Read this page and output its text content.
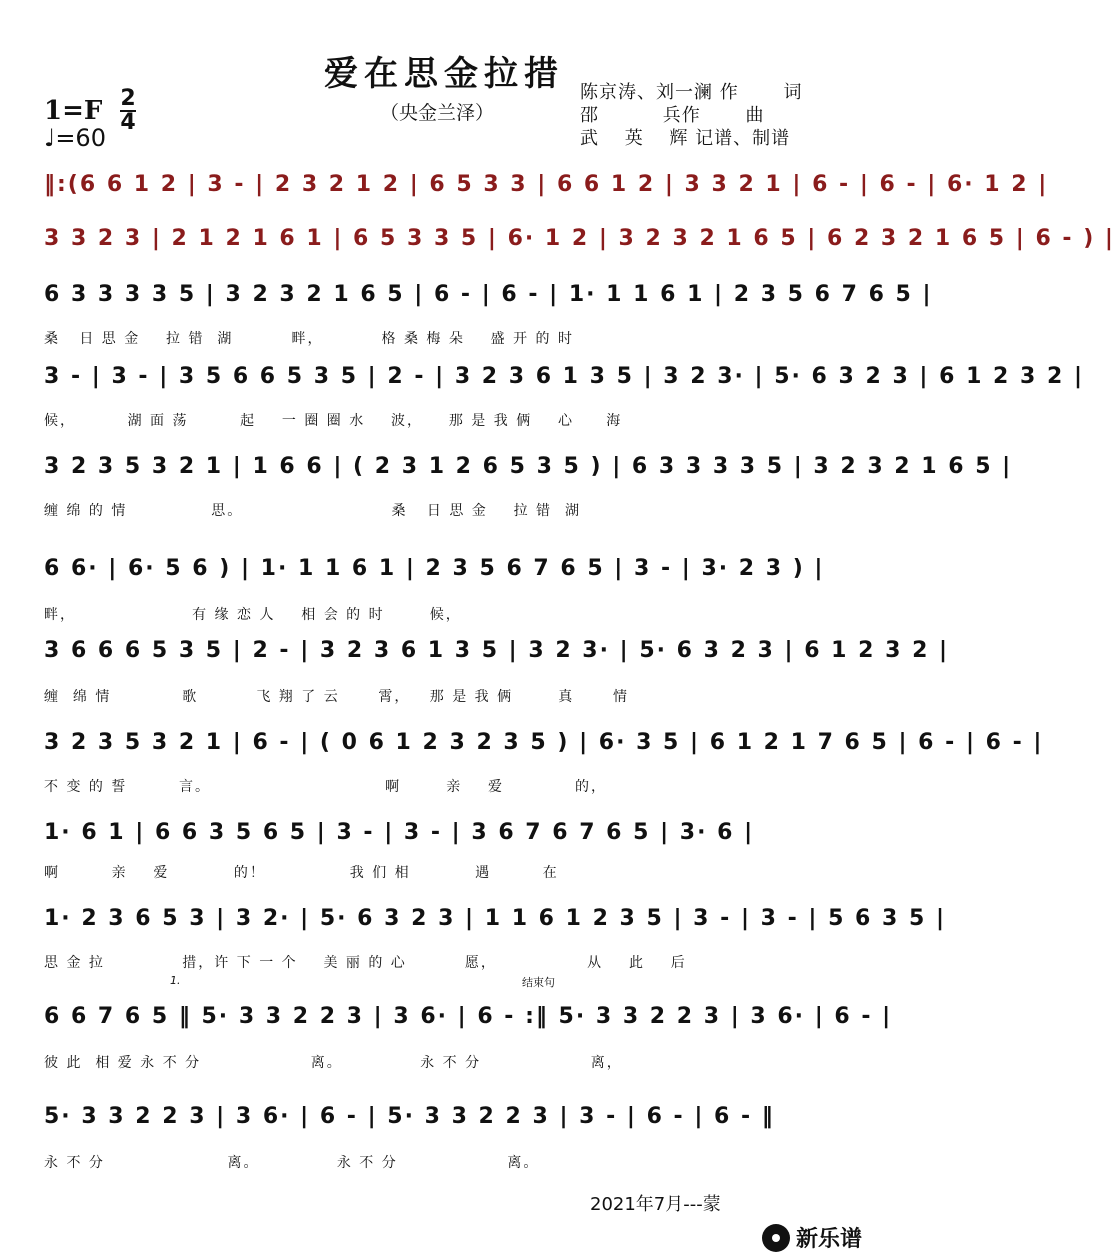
爱在思金拉措
（央金兰泽）
陈京涛、刘一澜 作　　 词
邵　　　 兵作　　 曲
武　 英　 辉 记谱、制谱
1=F 2
4
♩=60
‖:(6 6 1 2 | 3 - | 2 3 2 1 2 | 6 5 3 3 | 6 6 1 2 | 3 3 2 1 | 6 - | 6 - | 6· 1 2 |
3 3 2 3 | 2 1 2 1 6 1 | 6 5 3 3 5 | 6· 1 2 | 3 2 3 2 1 6 5 | 6 2 3 2 1 6 5 | 6 - ) |
6 3 3 3 3 5 | 3 2 3 2 1 6 5 | 6 - | 6 - | 1· 1 1 6 1 | 2 3 5 6 7 6 5 |
桑   日 思 金    拉 错  湖         畔，         格 桑 梅 朵    盛 开 的 时
3 - | 3 - | 3 5 6 6 5 3 5 | 2 - | 3 2 3 6 1 3 5 | 3 2 3· | 5· 6 3 2 3 | 6 1 2 3 2 |
候，        湖 面 荡        起    一 圈 圈 水    波，    那 是 我 俩    心     海
3 2 3 5 3 2 1 | 1 6 6 | ( 2 3 1 2 6 5 3 5 ) | 6 3 3 3 3 5 | 3 2 3 2 1 6 5 |
缠 绵 的 情             思。                       桑   日 思 金    拉 错  湖
6 6· | 6· 5 6 ) | 1· 1 1 6 1 | 2 3 5 6 7 6 5 | 3 - | 3· 2 3 ) |
畔，                  有 缘 恋 人    相 会 的 时       候，
3 6 6 6 5 3 5 | 2 - | 3 2 3 6 1 3 5 | 3 2 3· | 5· 6 3 2 3 | 6 1 2 3 2 |
缠  绵 情           歌         飞 翔 了 云      霄，   那 是 我 俩       真      情
3 2 3 5 3 2 1 | 6 - | ( 0 6 1 2 3 2 3 5 ) | 6· 3 5 | 6 1 2 1 7 6 5 | 6 - | 6 - |
不 变 的 誓        言。                           啊       亲    爱           的，
1· 6 1 | 6 6 3 5 6 5 | 3 - | 3 - | 3 6 7 6 7 6 5 | 3· 6 |
啊        亲    爱          的！             我 们 相          遇        在
1· 2 3 6 5 3 | 3 2· | 5· 6 3 2 3 | 1 1 6 1 2 3 5 | 3 - | 3 - | 5 6 3 5 |
思 金 拉            措，许 下 一 个    美 丽 的 心         愿，              从    此    后
1.	结束句
6 6 7 6 5 ‖ 5· 3 3 2 2 3 | 3 6· | 6 - :‖ 5· 3 3 2 2 3 | 3 6· | 6 - |
彼 此  相 爱 永 不 分                 离。            永 不 分                 离，
5· 3 3 2 2 3 | 3 6· | 6 - | 5· 3 3 2 2 3 | 3 - | 6 - | 6 - ‖
永 不 分                   离。            永 不 分                 离。
2021年7月---蒙
新乐谱
